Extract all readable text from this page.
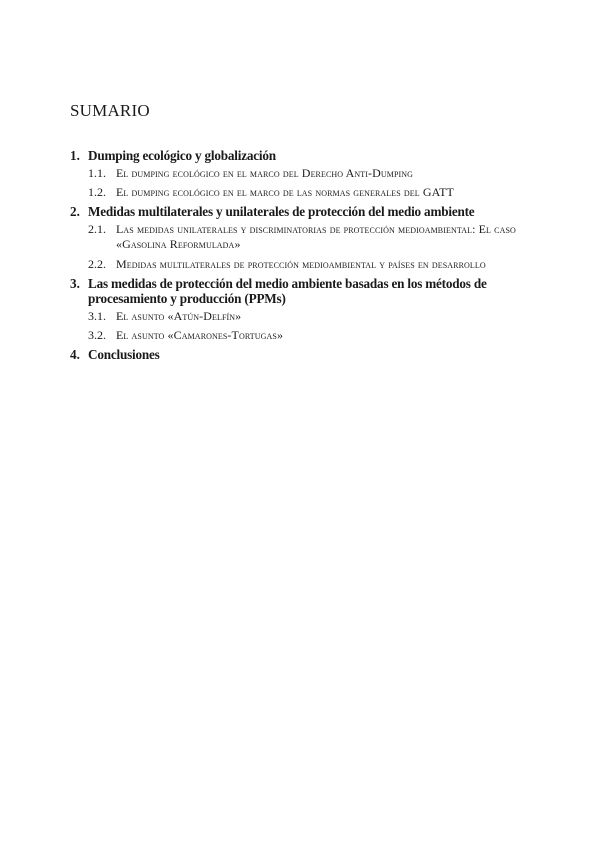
SUMARIO
1. Dumping ecológico y globalización
1.1. El dumping ecológico en el marco del Derecho Anti-Dumping
1.2. El dumping ecológico en el marco de las normas generales del GATT
2. Medidas multilaterales y unilaterales de protección del medio ambiente
2.1. Las medidas unilaterales y discriminatorias de protección medioambiental: El caso «Gasolina Reformulada»
2.2. Medidas multilaterales de protección medioambiental y países en desarrollo
3. Las medidas de protección del medio ambiente basadas en los métodos de procesamiento y producción (PPMs)
3.1. El asunto «Atún-Delfín»
3.2. El asunto «Camarones-Tortugas»
4. Conclusiones
